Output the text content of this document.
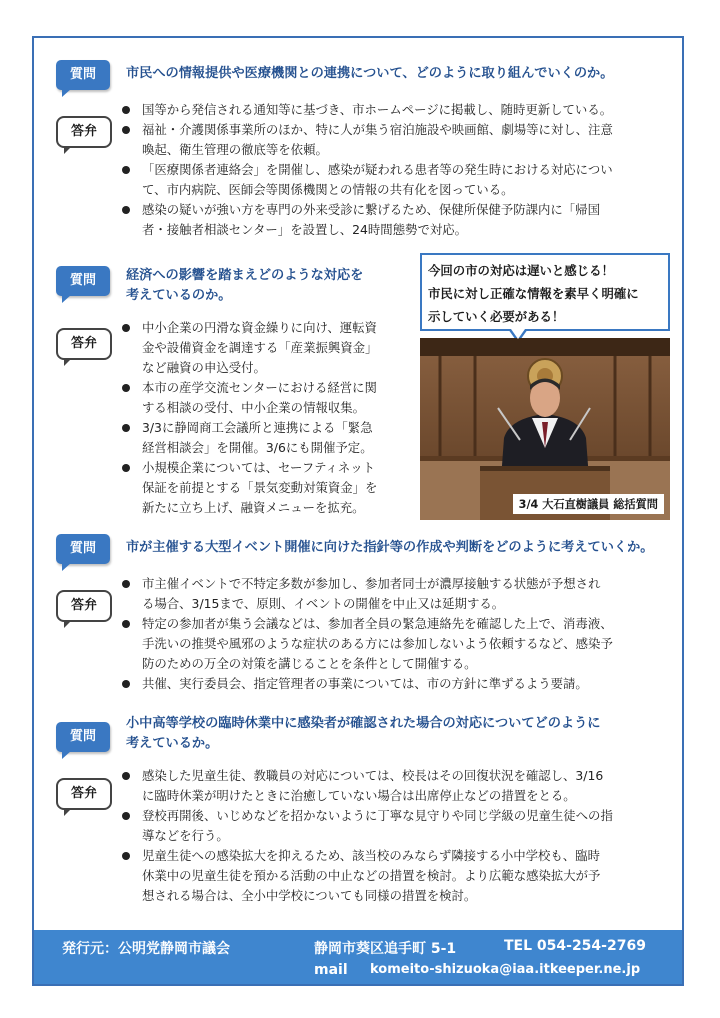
質問	市民への情報提供や医療機関との連携について、どのように取り組んでいくのか。
答弁
国等から発信される通知等に基づき、市ホームページに掲載し、随時更新している。
福祉・介護関係事業所のほか、特に人が集う宿泊施設や映画館、劇場等に対し、注意
喚起、衛生管理の徹底等を依頼。
「医療関係者連絡会」を開催し、感染が疑われる患者等の発生時における対応につい
て、市内病院、医師会等関係機関との情報の共有化を図っている。
感染の疑いが強い方を専門の外来受診に繋げるため、保健所保健予防課内に「帰国
者・接触者相談センター」を設置し、24時間態勢で対応。
質問	経済への影響を踏まえどのような対応を
考えているのか。
答弁
中小企業の円滑な資金繰りに向け、運転資
金や設備資金を調達する「産業振興資金」
など融資の申込受付。
本市の産学交流センターにおける経営に関
する相談の受付、中小企業の情報収集。
3/3に静岡商工会議所と連携による「緊急
経営相談会」を開催。3/6にも開催予定。
小規模企業については、セーフティネット
保証を前提とする「景気変動対策資金」を
新たに立ち上げ、融資メニューを拡充。
今回の市の対応は遅いと感じる！
市民に対し正確な情報を素早く明確に
示していく必要がある！
3/4 大石直樹議員 総括質問
質問	市が主催する大型イベント開催に向けた指針等の作成や判断をどのように考えていくか。
答弁
市主催イベントで不特定多数が参加し、参加者同士が濃厚接触する状態が予想され
る場合、3/15まで、原則、イベントの開催を中止又は延期する。
特定の参加者が集う会議などは、参加者全員の緊急連絡先を確認した上で、消毒液、
手洗いの推奨や風邪のような症状のある方には参加しないよう依頼するなど、感染予
防のための万全の対策を講じることを条件として開催する。
共催、実行委員会、指定管理者の事業については、市の方針に準ずるよう要請。
質問
小中高等学校の臨時休業中に感染者が確認された場合の対応についてどのように
考えているか。
答弁
感染した児童生徒、教職員の対応については、校長はその回復状況を確認し、3/16
に臨時休業が明けたときに治癒していない場合は出席停止などの措置をとる。
登校再開後、いじめなどを招かないように丁寧な見守りや同じ学級の児童生徒への指
導などを行う。
児童生徒への感染拡大を抑えるため、該当校のみならず隣接する小中学校も、臨時
休業中の児童生徒を預かる活動の中止などの措置を検討。より広範な感染拡大が予
想される場合は、全小中学校についても同様の措置を検討。
発行元：公明党静岡市議会	静岡市葵区追手町 5-1	TEL 054-254-2769
mail komeito-shizuoka@iaa.itkeeper.ne.jp
